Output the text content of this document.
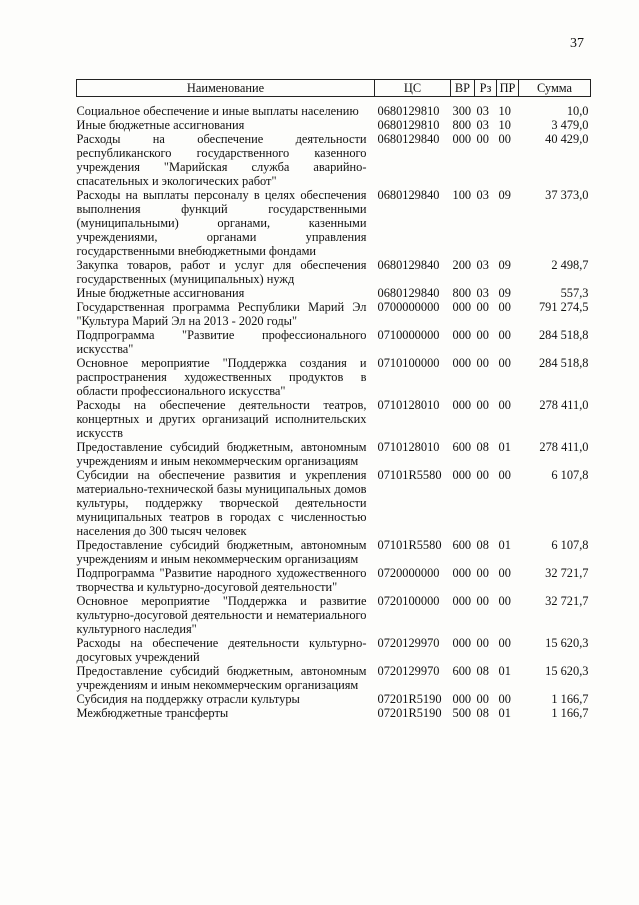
37
Наименование	ЦС	ВР	Рз	ПР	Сумма
Социальное обеспечение и иные выплаты населению	0680129810	300	03	10	10,0
Иные бюджетные ассигнования	0680129810	800	03	10	3 479,0
Расходы на обеспечение деятельности республиканского государственного казенного учреждения "Марийская служба аварийно-спасательных и экологических работ"	0680129840	000	00	00	40 429,0
Расходы на выплаты персоналу в целях обеспечения выполнения функций государственными (муниципальными) органами, казенными учреждениями, органами управления государственными внебюджетными фондами	0680129840	100	03	09	37 373,0
Закупка товаров, работ и услуг для обеспечения государственных (муниципальных) нужд	0680129840	200	03	09	2 498,7
Иные бюджетные ассигнования	0680129840	800	03	09	557,3
Государственная программа Республики Марий Эл "Культура Марий Эл на 2013 - 2020 годы"	0700000000	000	00	00	791 274,5
Подпрограмма "Развитие профессионального искусства"	0710000000	000	00	00	284 518,8
Основное мероприятие "Поддержка создания и распространения художественных продуктов в области профессионального искусства"	0710100000	000	00	00	284 518,8
Расходы на обеспечение деятельности театров, концертных и других организаций исполнительских искусств	0710128010	000	00	00	278 411,0
Предоставление субсидий бюджетным, автономным учреждениям и иным некоммерческим организациям	0710128010	600	08	01	278 411,0
Субсидии на обеспечение развития и укрепления материально-технической базы муниципальных домов культуры, поддержку творческой деятельности муниципальных театров в городах с численностью населения до 300 тысяч человек	07101R5580	000	00	00	6 107,8
Предоставление субсидий бюджетным, автономным учреждениям и иным некоммерческим организациям	07101R5580	600	08	01	6 107,8
Подпрограмма "Развитие народного художественного творчества и культурно-досуговой деятельности"	0720000000	000	00	00	32 721,7
Основное мероприятие "Поддержка и развитие культурно-досуговой деятельности и нематериального культурного наследия"	0720100000	000	00	00	32 721,7
Расходы на обеспечение деятельности культурно-досуговых учреждений	0720129970	000	00	00	15 620,3
Предоставление субсидий бюджетным, автономным учреждениям и иным некоммерческим организациям	0720129970	600	08	01	15 620,3
Субсидия на поддержку отрасли культуры	07201R5190	000	00	00	1 166,7
Межбюджетные трансферты	07201R5190	500	08	01	1 166,7
